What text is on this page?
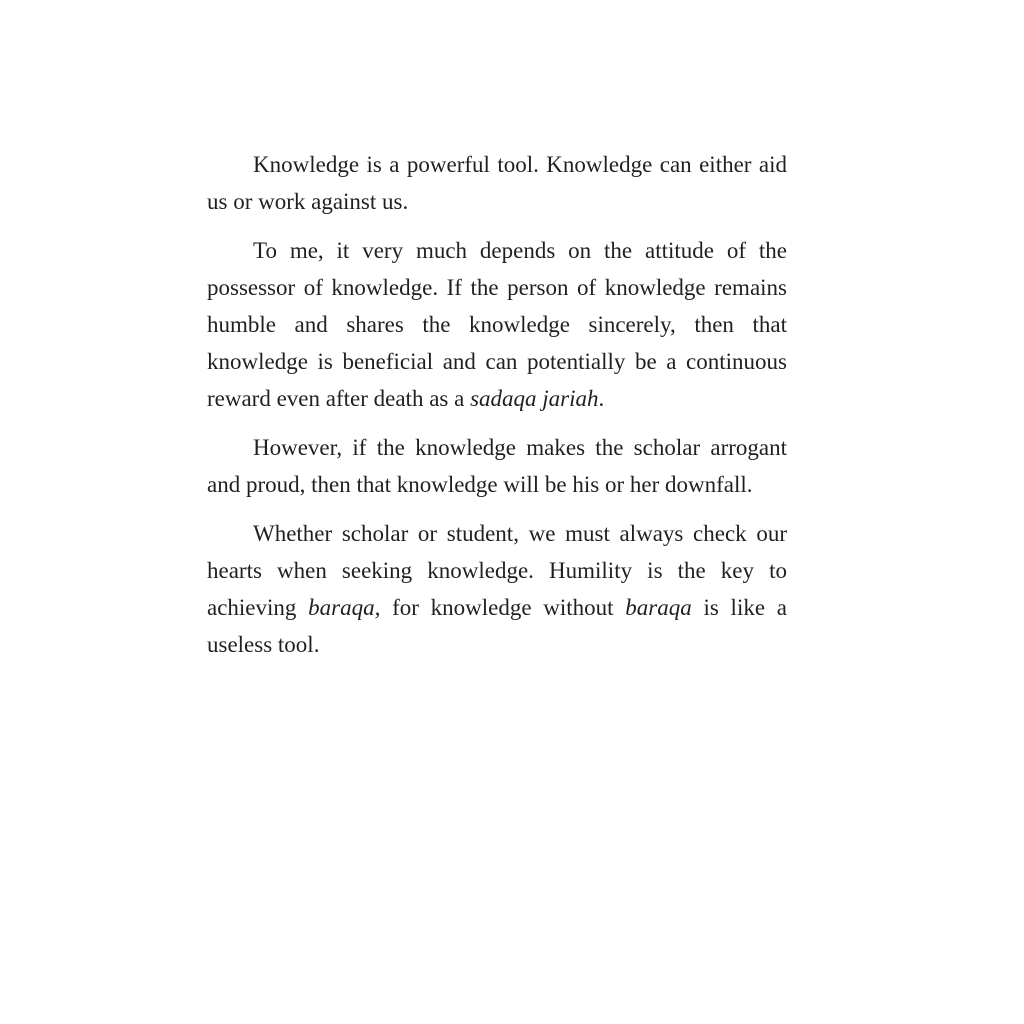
Knowledge is a powerful tool. Knowledge can either aid us or work against us.

To me, it very much depends on the attitude of the possessor of knowledge. If the person of knowledge remains humble and shares the knowledge sincerely, then that knowledge is beneficial and can potentially be a continuous reward even after death as a sadaqa jariah.

However, if the knowledge makes the scholar arrogant and proud, then that knowledge will be his or her downfall.

Whether scholar or student, we must always check our hearts when seeking knowledge. Humility is the key to achieving baraqa, for knowledge without baraqa is like a useless tool.
